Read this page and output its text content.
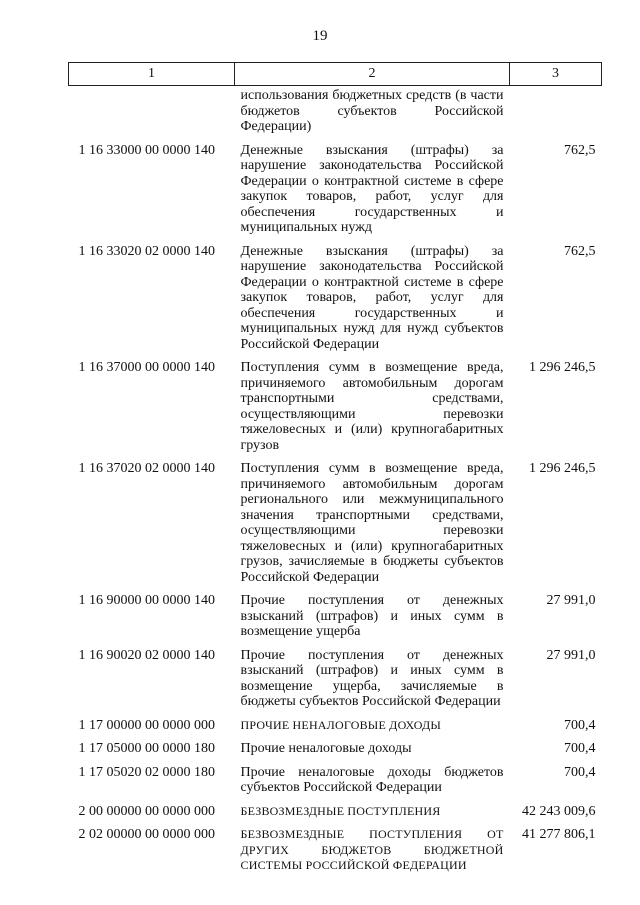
19
1	2	3
	использования бюджетных средств (в части бюджетов субъектов Российской Федерации)	
1 16 33000 00 0000 140	Денежные взыскания (штрафы) за нарушение законодательства Российской Федерации о контрактной системе в сфере закупок товаров, работ, услуг для обеспечения государственных и муниципальных нужд	762,5
1 16 33020 02 0000 140	Денежные взыскания (штрафы) за нарушение законодательства Российской Федерации о контрактной системе в сфере закупок товаров, работ, услуг для обеспечения государственных и муниципальных нужд для нужд субъектов Российской Федерации	762,5
1 16 37000 00 0000 140	Поступления сумм в возмещение вреда, причиняемого автомобильным дорогам транспортными средствами, осуществляющими перевозки тяжеловесных и (или) крупногабаритных грузов	1 296 246,5
1 16 37020 02 0000 140	Поступления сумм в возмещение вреда, причиняемого автомобильным дорогам регионального или межмуниципального значения транспортными средствами, осуществляющими перевозки тяжеловесных и (или) крупногабаритных грузов, зачисляемые в бюджеты субъектов Российской Федерации	1 296 246,5
1 16 90000 00 0000 140	Прочие поступления от денежных взысканий (штрафов) и иных сумм в возмещение ущерба	27 991,0
1 16 90020 02 0000 140	Прочие поступления от денежных взысканий (штрафов) и иных сумм в возмещение ущерба, зачисляемые в бюджеты субъектов Российской Федерации	27 991,0
1 17 00000 00 0000 000	ПРОЧИЕ НЕНАЛОГОВЫЕ ДОХОДЫ	700,4
1 17 05000 00 0000 180	Прочие неналоговые доходы	700,4
1 17 05020 02 0000 180	Прочие неналоговые доходы бюджетов субъектов Российской Федерации	700,4
2 00 00000 00 0000 000	БЕЗВОЗМЕЗДНЫЕ ПОСТУПЛЕНИЯ	42 243 009,6
2 02 00000 00 0000 000	БЕЗВОЗМЕЗДНЫЕ ПОСТУПЛЕНИЯ ОТ ДРУГИХ БЮДЖЕТОВ БЮДЖЕТНОЙ СИСТЕМЫ РОССИЙСКОЙ ФЕДЕРАЦИИ	41 277 806,1
